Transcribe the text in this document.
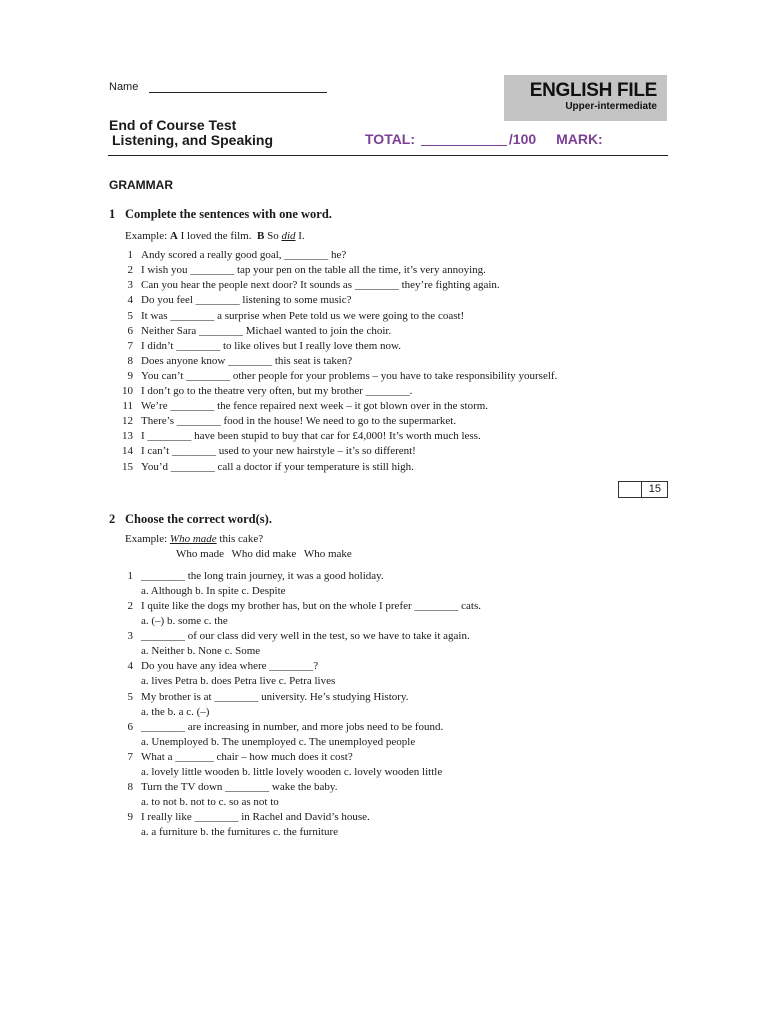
Name	ENGLISH FILE
Upper-intermediate
End of Course Test
Listening, and Speaking	TOTAL:	/100 MARK:
GRAMMAR
1 Complete the sentences with one word.
Example: A I loved the film. B So did I.
1 Andy scored a really good goal, ________ he?
2 I wish you ________ tap your pen on the table all the time, it’s very annoying.
3 Can you hear the people next door? It sounds as ________ they’re fighting again.
4 Do you feel ________ listening to some music?
5 It was ________ a surprise when Pete told us we were going to the coast!
6 Neither Sara ________ Michael wanted to join the choir.
7 I didn’t ________ to like olives but I really love them now.
8 Does anyone know ________ this seat is taken?
9 You can’t ________ other people for your problems – you have to take responsibility yourself.
10 I don’t go to the theatre very often, but my brother ________.
11 We’re ________ the fence repaired next week – it got blown over in the storm.
12 There’s ________ food in the house! We need to go to the supermarket.
13 I ________ have been stupid to buy that car for £4,000! It’s worth much less.
14 I can’t ________ used to your new hairstyle – it’s so different!
15 You’d ________ call a doctor if your temperature is still high.
15
2 Choose the correct word(s).
Example: Who made this cake?
Who made Who did make Who make
1 ________ the long train journey, it was a good holiday.
a. Although b. In spite c. Despite
2 I quite like the dogs my brother has, but on the whole I prefer ________ cats.
a. (–) b. some c. the
3 ________ of our class did very well in the test, so we have to take it again.
a. Neither b. None c. Some
4 Do you have any idea where ________?
a. lives Petra b. does Petra live c. Petra lives
5 My brother is at ________ university. He’s studying History.
a. the b. a c. (–)
6 ________ are increasing in number, and more jobs need to be found.
a. Unemployed b. The unemployed c. The unemployed people
7 What a _______ chair – how much does it cost?
a. lovely little wooden b. little lovely wooden c. lovely wooden little
8 Turn the TV down ________ wake the baby.
a. to not b. not to c. so as not to
9 I really like ________ in Rachel and David’s house.
a. a furniture b. the furnitures c. the furniture
